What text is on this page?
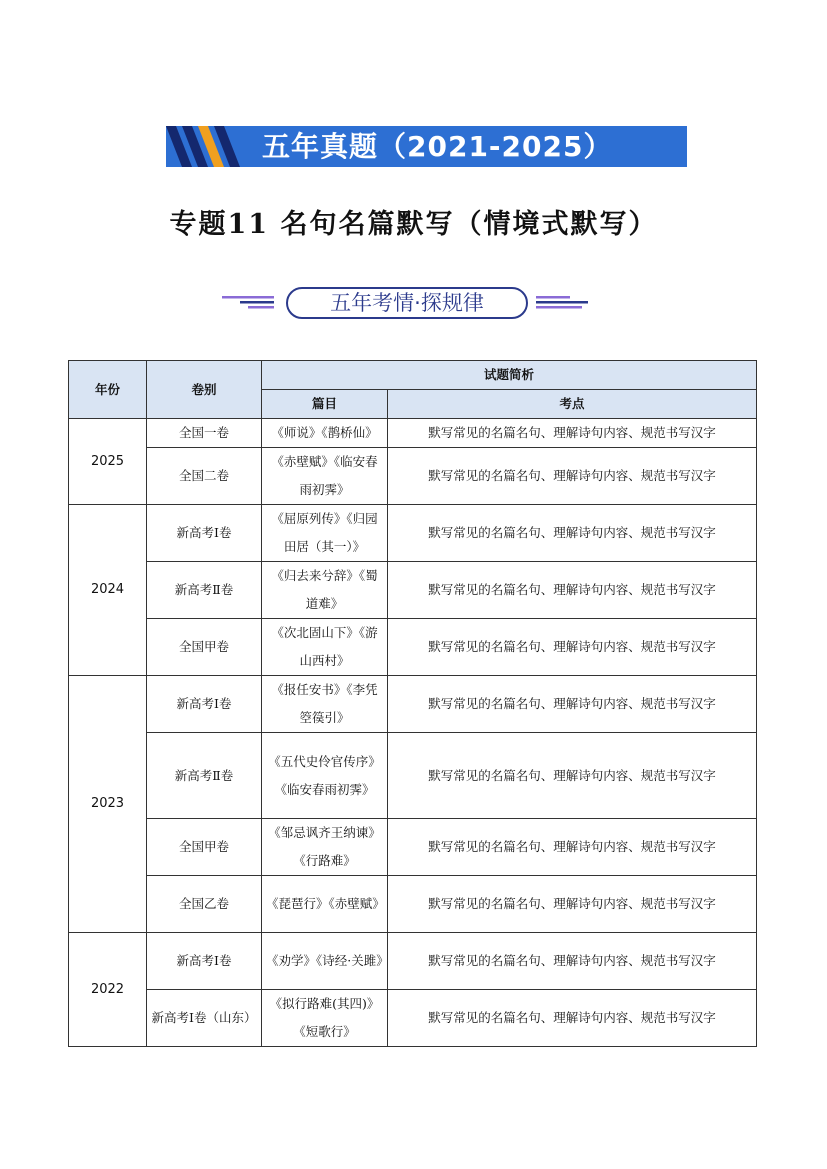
五年真题（2021-2025）
专题11 名句名篇默写（情境式默写）
五年考情·探规律
年份	卷别	试题简析	
		篇目	考点
2025	全国一卷	《师说》《鹊桥仙》	默写常见的名篇名句、理解诗句内容、规范书写汉字
	全国二卷	《赤壁赋》《临安春雨初霁》	默写常见的名篇名句、理解诗句内容、规范书写汉字
2024	新高考Ⅰ卷	《屈原列传》《归园田居（其一）》	默写常见的名篇名句、理解诗句内容、规范书写汉字
	新高考Ⅱ卷	《归去来兮辞》《蜀道难》	默写常见的名篇名句、理解诗句内容、规范书写汉字
	全国甲卷	《次北固山下》《游山西村》	默写常见的名篇名句、理解诗句内容、规范书写汉字
2023	新高考Ⅰ卷	《报任安书》《李凭箜篌引》	默写常见的名篇名句、理解诗句内容、规范书写汉字
	新高考Ⅱ卷	《五代史伶官传序》《临安春雨初霁》	默写常见的名篇名句、理解诗句内容、规范书写汉字
	全国甲卷	《邹忌讽齐王纳谏》《行路难》	默写常见的名篇名句、理解诗句内容、规范书写汉字
	全国乙卷	《琵琶行》《赤壁赋》	默写常见的名篇名句、理解诗句内容、规范书写汉字
2022	新高考Ⅰ卷	《劝学》《诗经·关雎》	默写常见的名篇名句、理解诗句内容、规范书写汉字
	新高考Ⅰ卷（山东）	《拟行路难(其四)》《短歌行》	默写常见的名篇名句、理解诗句内容、规范书写汉字
